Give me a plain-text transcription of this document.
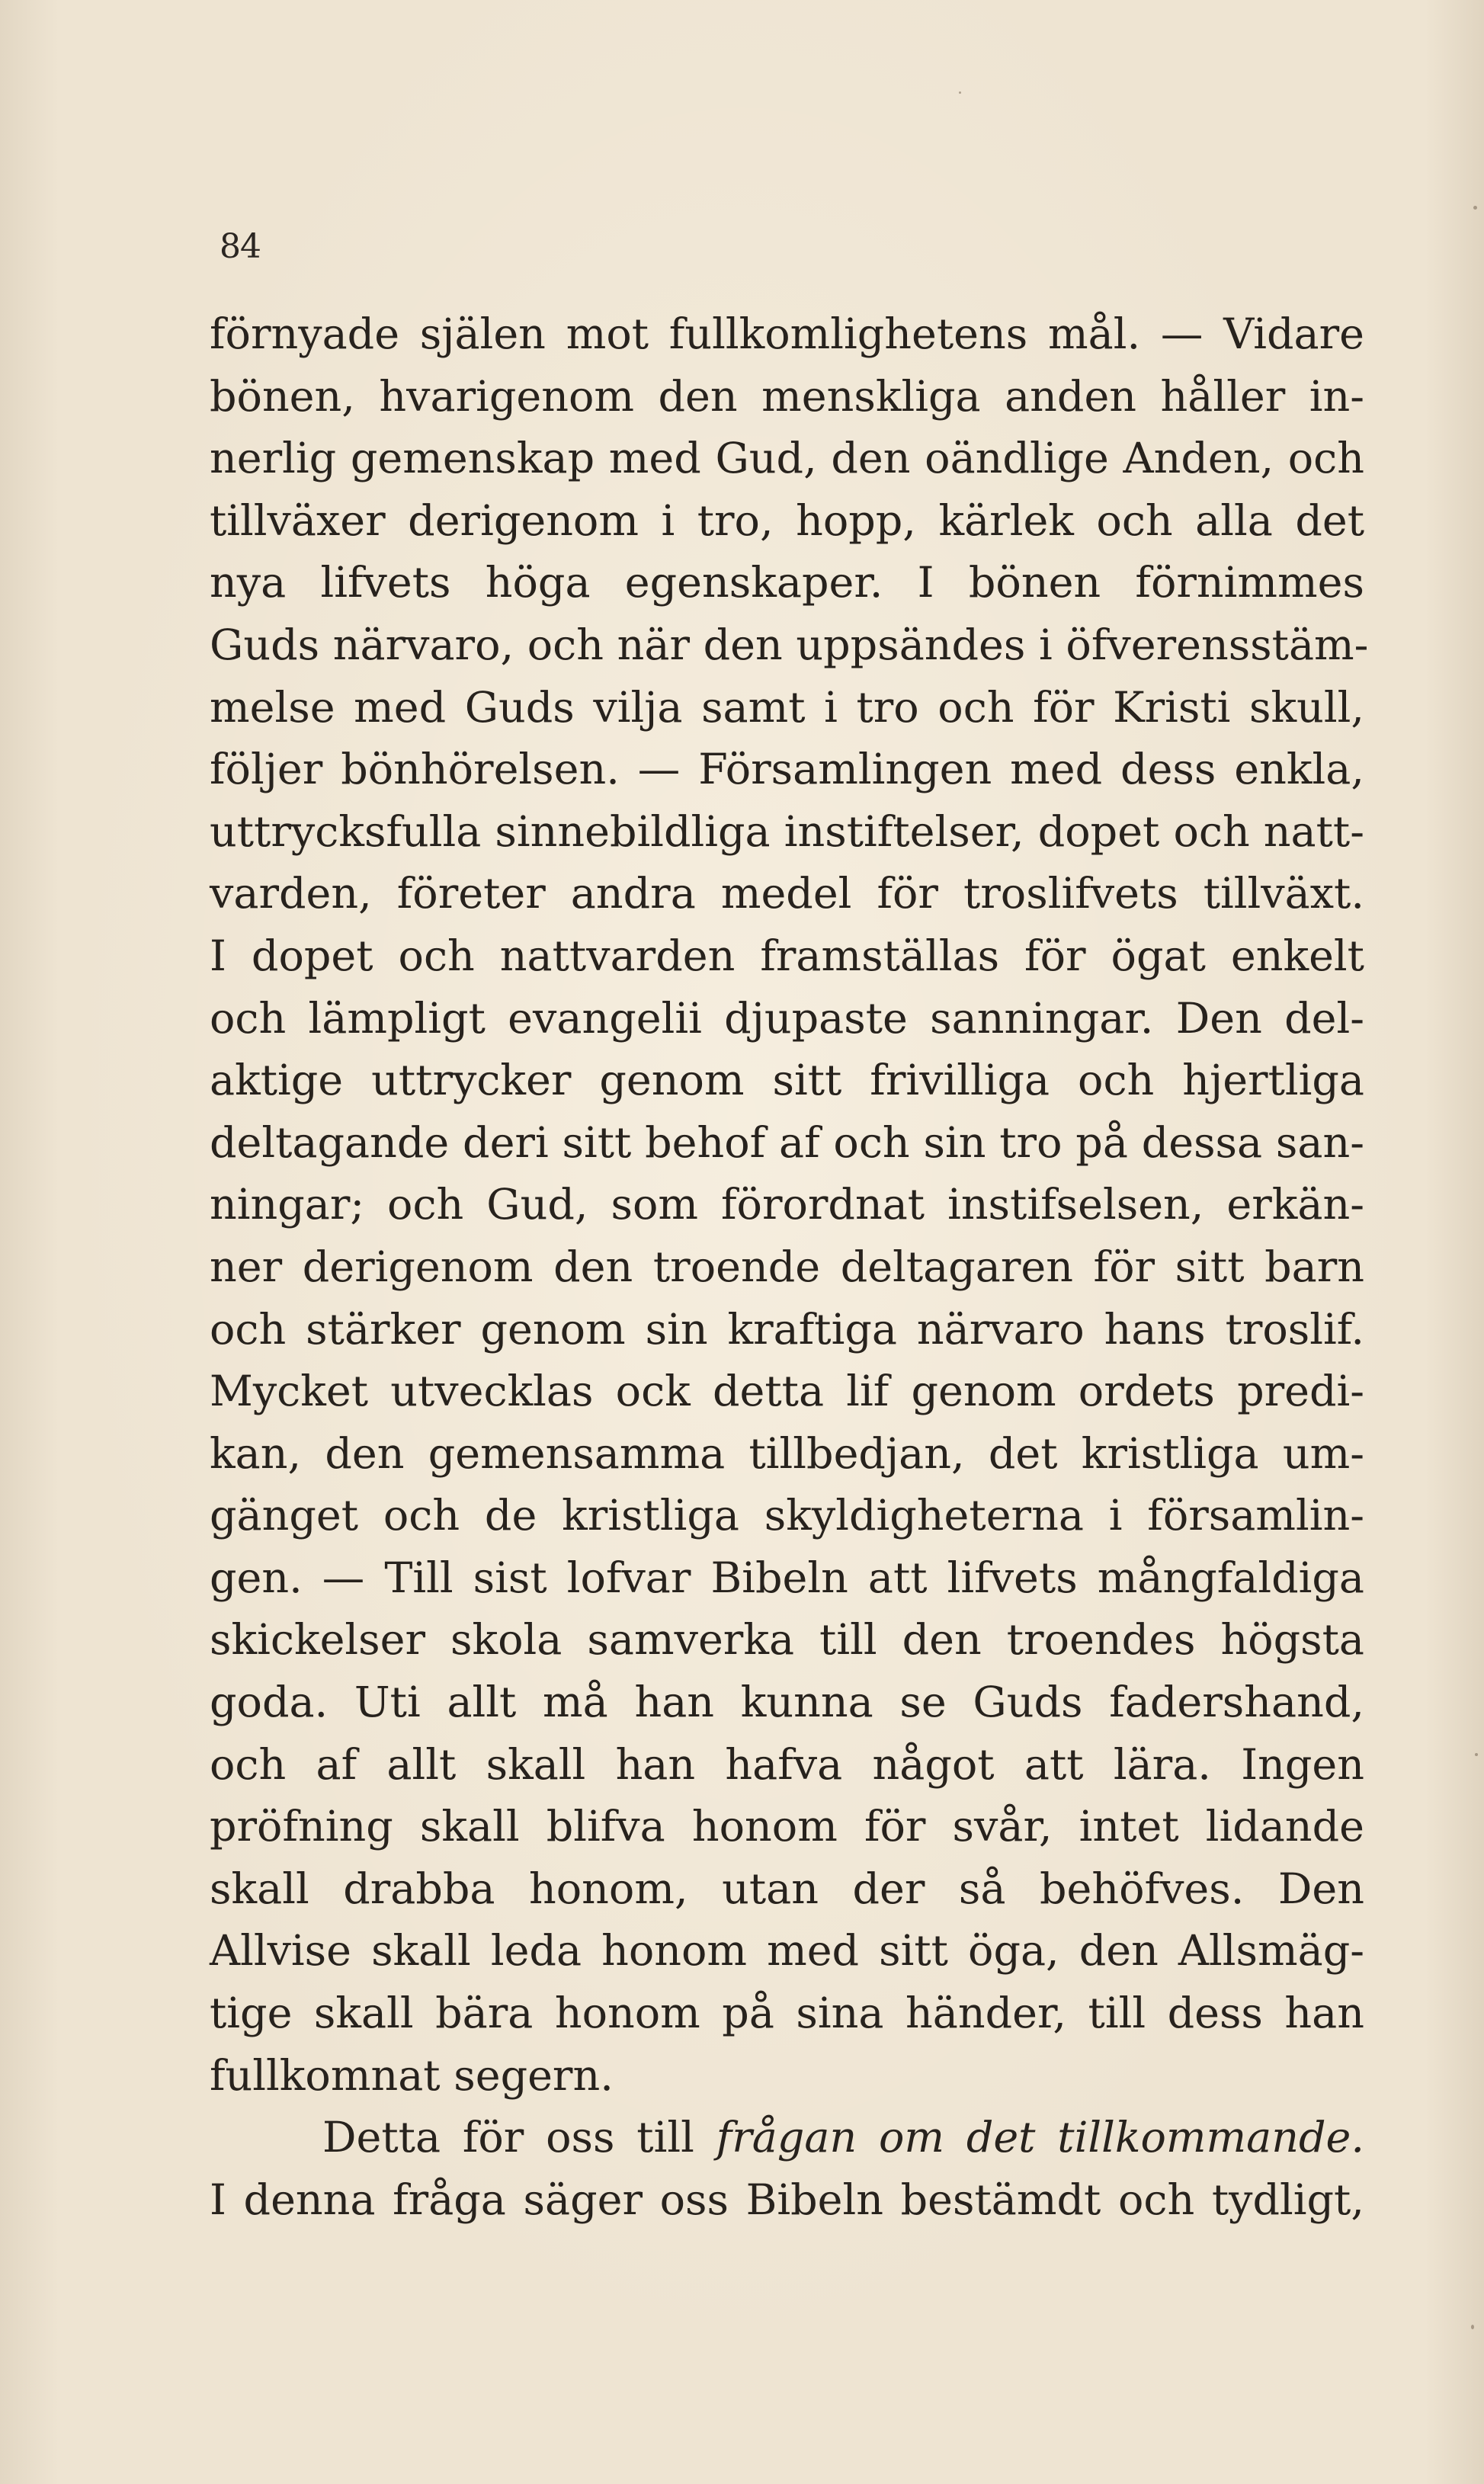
84
förnyade själen mot fullkomlighetens mål. — Vidare
bönen, hvarigenom den menskliga anden håller in-
nerlig gemenskap med Gud, den oändlige Anden, och
tillväxer derigenom i tro, hopp, kärlek och alla det
nya lifvets höga egenskaper. I bönen förnimmes
Guds närvaro, och när den uppsändes i öfverensstäm-
melse med Guds vilja samt i tro och för Kristi skull,
följer bönhörelsen. — Församlingen med dess enkla,
uttrycksfulla sinnebildliga instiftelser, dopet och natt-
varden, företer andra medel för troslifvets tillväxt.
I dopet och nattvarden framställas för ögat enkelt
och lämpligt evangelii djupaste sanningar. Den del-
aktige uttrycker genom sitt frivilliga och hjertliga
deltagande deri sitt behof af och sin tro på dessa san-
ningar; och Gud, som förordnat instifselsen, erkän-
ner derigenom den troende deltagaren för sitt barn
och stärker genom sin kraftiga närvaro hans troslif.
Mycket utvecklas ock detta lif genom ordets predi-
kan, den gemensamma tillbedjan, det kristliga um-
gänget och de kristliga skyldigheterna i församlin-
gen. — Till sist lofvar Bibeln att lifvets mångfaldiga
skickelser skola samverka till den troendes högsta
goda. Uti allt må han kunna se Guds fadershand,
och af allt skall han hafva något att lära. Ingen
pröfning skall blifva honom för svår, intet lidande
skall drabba honom, utan der så behöfves. Den
Allvise skall leda honom med sitt öga, den Allsmäg-
tige skall bära honom på sina händer, till dess han
fullkomnat segern.
Detta för oss till frågan om det tillkommande.
I denna fråga säger oss Bibeln bestämdt och tydligt,
